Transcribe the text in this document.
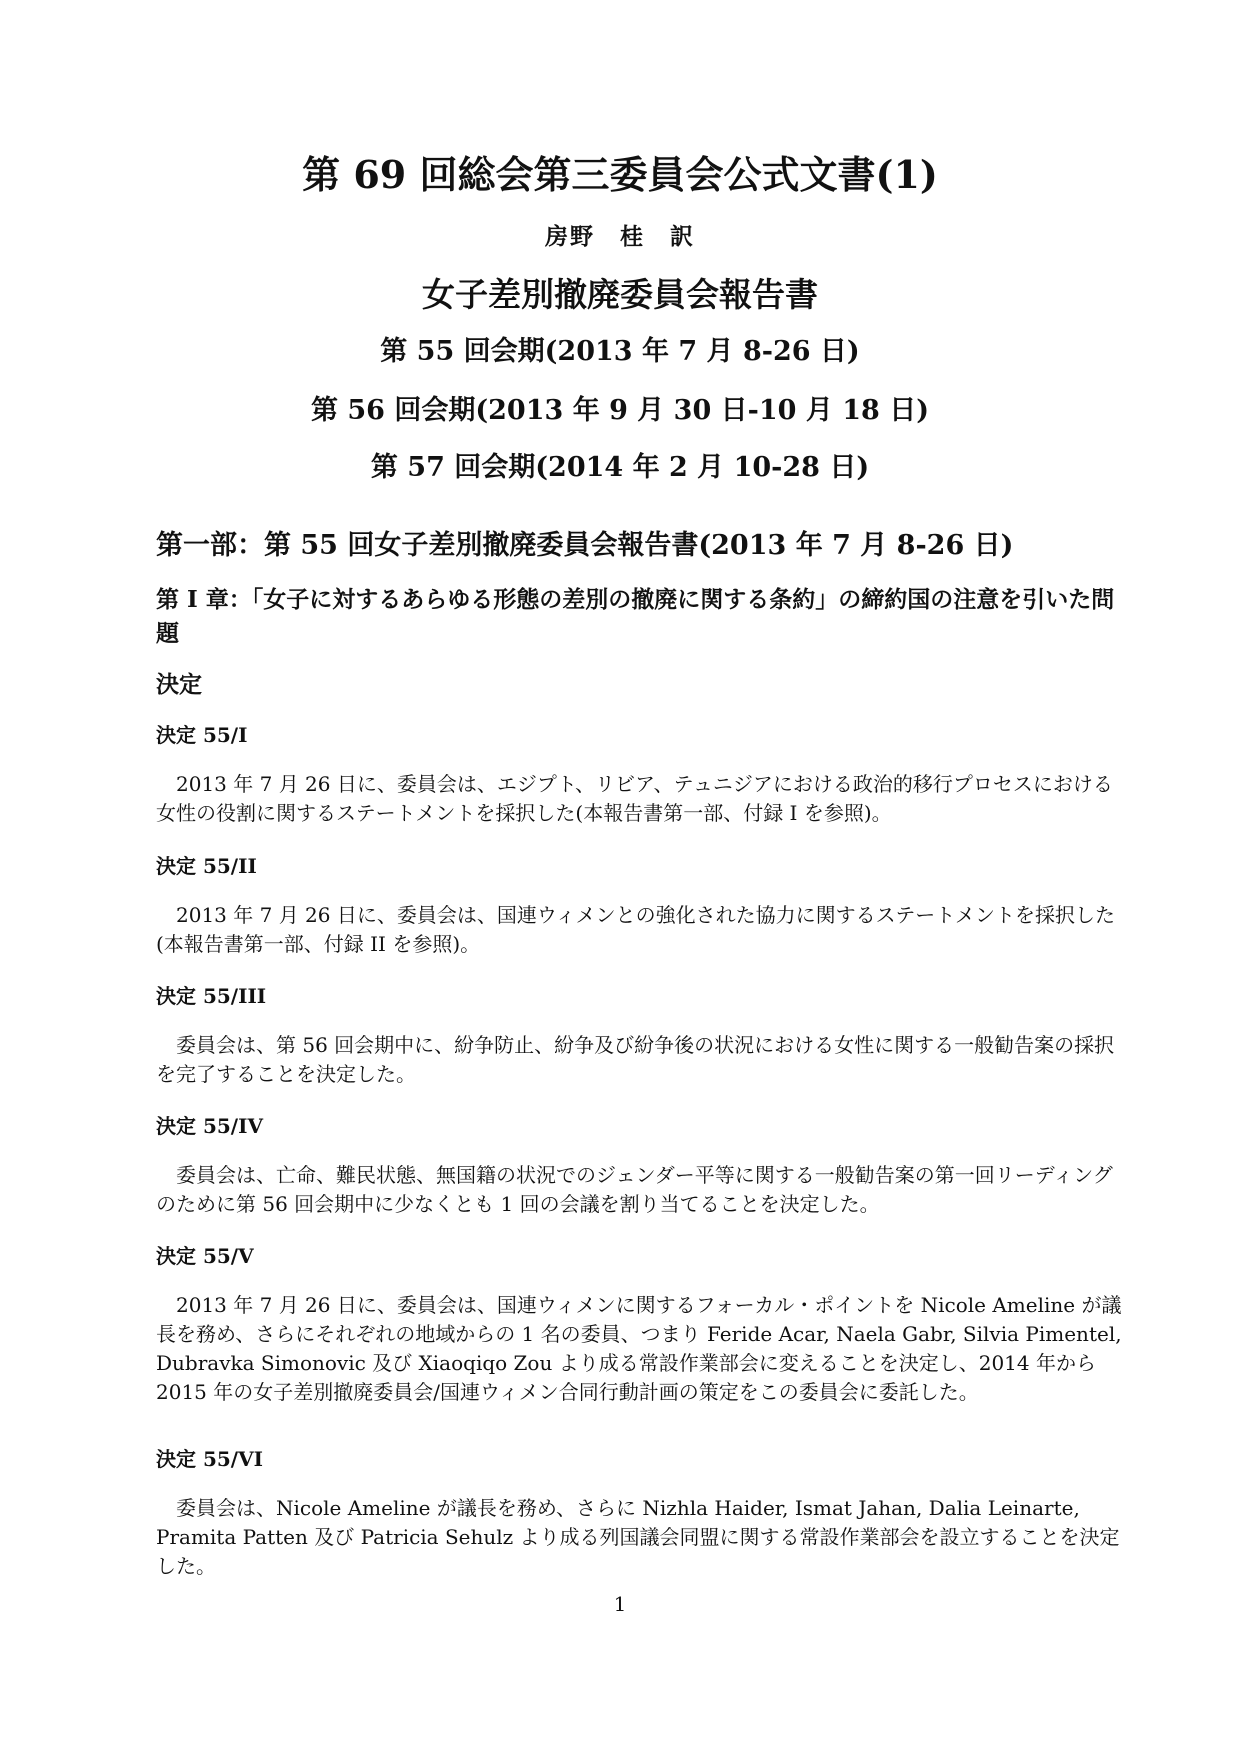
第 69 回総会第三委員会公式文書(1)
房野　桂　訳
女子差別撤廃委員会報告書
第 55 回会期(2013 年 7 月 8-26 日)
第 56 回会期(2013 年 9 月 30 日-10 月 18 日)
第 57 回会期(2014 年 2 月 10-28 日)
第一部：第 55 回女子差別撤廃委員会報告書(2013 年 7 月 8-26 日)
第 I 章：「女子に対するあらゆる形態の差別の撤廃に関する条約」の締約国の注意を引いた問題
決定
決定 55/I

2013 年 7 月 26 日に、委員会は、エジプト、リビア、テュニジアにおける政治的移行プロセスにおける女性の役割に関するステートメントを採択した(本報告書第一部、付録 I を参照)。

決定 55/II

2013 年 7 月 26 日に、委員会は、国連ウィメンとの強化された協力に関するステートメントを採択した(本報告書第一部、付録 II を参照)。

決定 55/III

委員会は、第 56 回会期中に、紛争防止、紛争及び紛争後の状況における女性に関する一般勧告案の採択を完了することを決定した。

決定 55/IV

委員会は、亡命、難民状態、無国籍の状況でのジェンダー平等に関する一般勧告案の第一回リーディングのために第 56 回会期中に少なくとも 1 回の会議を割り当てることを決定した。

決定 55/V

2013 年 7 月 26 日に、委員会は、国連ウィメンに関するフォーカル・ポイントを Nicole Ameline が議長を務め、さらにそれぞれの地域からの 1 名の委員、つまり Feride Acar, Naela Gabr, Silvia Pimentel, Dubravka Simonovic 及び Xiaoqiqo Zou より成る常設作業部会に変えることを決定し、2014 年から 2015 年の女子差別撤廃委員会/国連ウィメン合同行動計画の策定をこの委員会に委託した。

決定 55/VI

委員会は、Nicole Ameline が議長を務め、さらに Nizhla Haider, Ismat Jahan, Dalia Leinarte, Pramita Patten 及び Patricia Sehulz より成る列国議会同盟に関する常設作業部会を設立することを決定した。

1
